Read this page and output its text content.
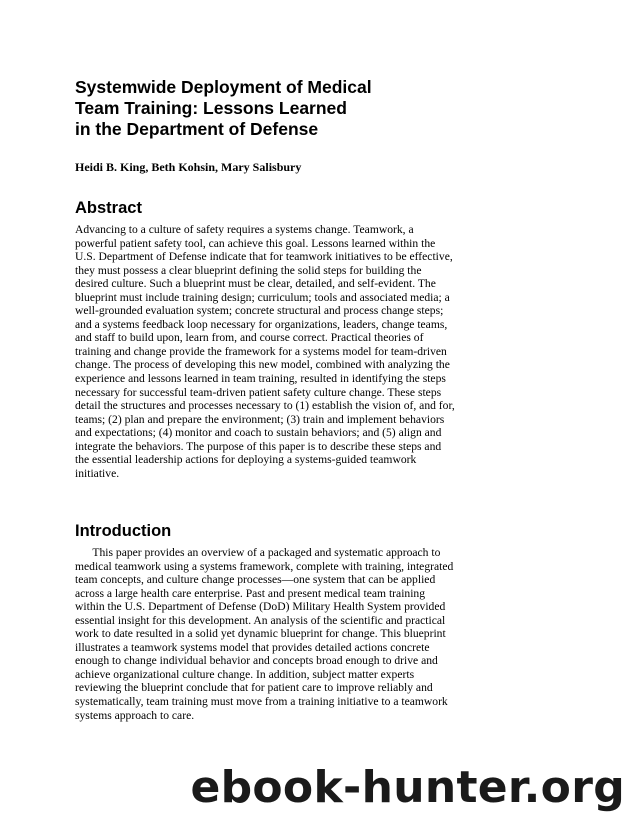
Systemwide Deployment of Medical
Team Training: Lessons Learned
in the Department of Defense

Heidi B. King, Beth Kohsin, Mary Salisbury

Abstract
Advancing to a culture of safety requires a systems change. Teamwork, a
powerful patient safety tool, can achieve this goal. Lessons learned within the
U.S. Department of Defense indicate that for teamwork initiatives to be effective,
they must possess a clear blueprint defining the solid steps for building the
desired culture. Such a blueprint must be clear, detailed, and self-evident. The
blueprint must include training design; curriculum; tools and associated media; a
well-grounded evaluation system; concrete structural and process change steps;
and a systems feedback loop necessary for organizations, leaders, change teams,
and staff to build upon, learn from, and course correct. Practical theories of
training and change provide the framework for a systems model for team-driven
change. The process of developing this new model, combined with analyzing the
experience and lessons learned in team training, resulted in identifying the steps
necessary for successful team-driven patient safety culture change. These steps
detail the structures and processes necessary to (1) establish the vision of, and for,
teams; (2) plan and prepare the environment; (3) train and implement behaviors
and expectations; (4) monitor and coach to sustain behaviors; and (5) align and
integrate the behaviors. The purpose of this paper is to describe these steps and
the essential leadership actions for deploying a systems-guided teamwork
initiative.
Introduction
This paper provides an overview of a packaged and systematic approach to
medical teamwork using a systems framework, complete with training, integrated
team concepts, and culture change processes—one system that can be applied
across a large health care enterprise. Past and present medical team training
within the U.S. Department of Defense (DoD) Military Health System provided
essential insight for this development. An analysis of the scientific and practical
work to date resulted in a solid yet dynamic blueprint for change. This blueprint
illustrates a teamwork systems model that provides detailed actions concrete
enough to change individual behavior and concepts broad enough to drive and
achieve organizational culture change. In addition, subject matter experts
reviewing the blueprint conclude that for patient care to improve reliably and
systematically, team training must move from a training initiative to a teamwork
systems approach to care.
ebook-hunter.org
